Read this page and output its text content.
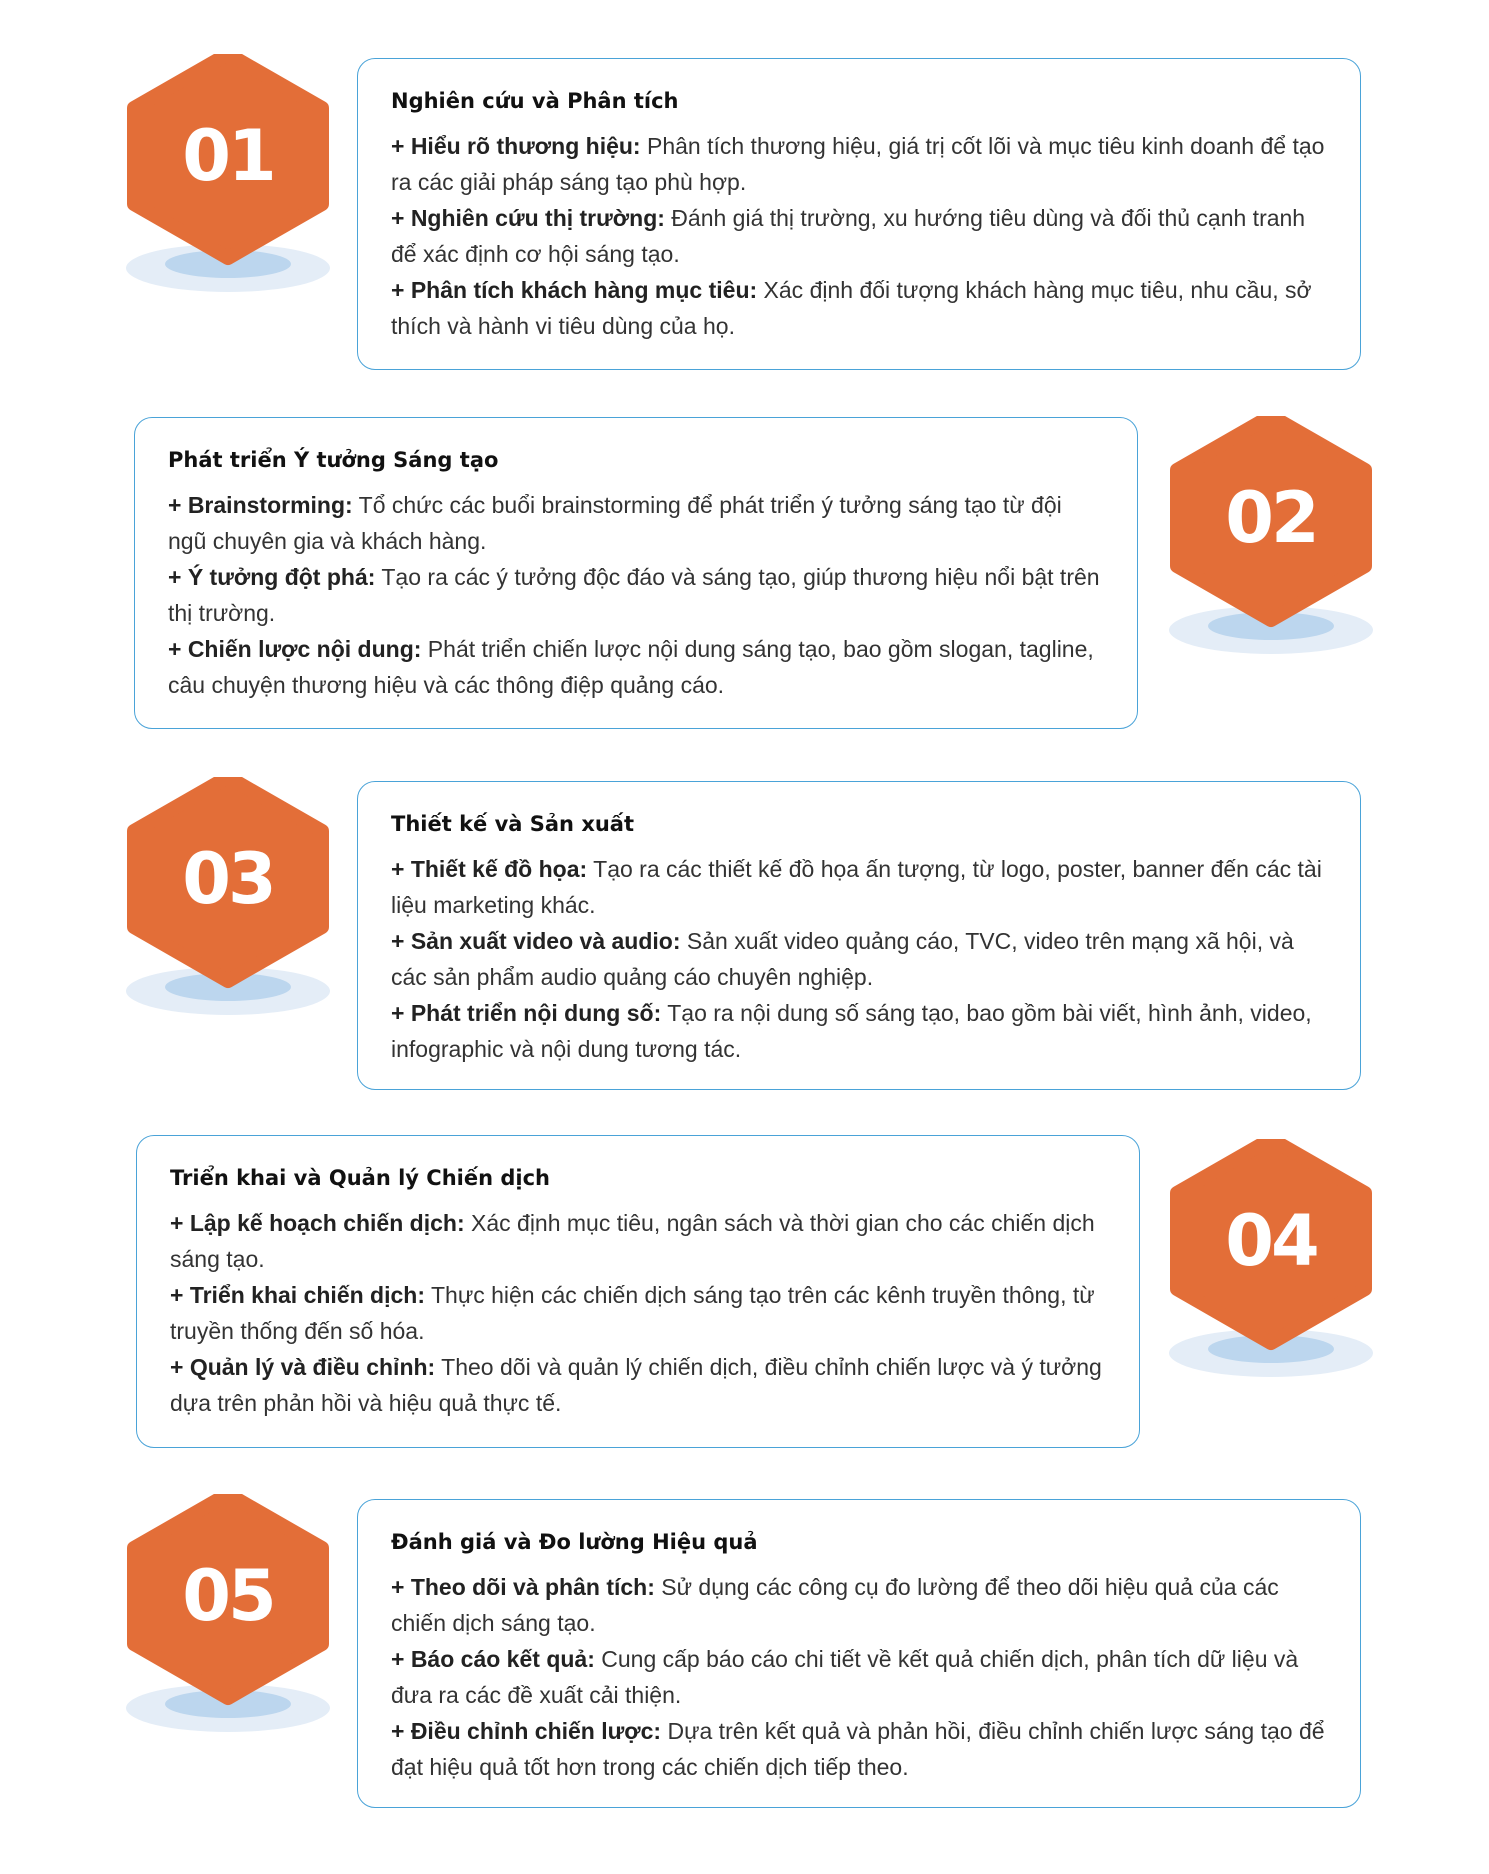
01
Nghiên cứu và Phân tích
+ Hiểu rõ thương hiệu: Phân tích thương hiệu, giá trị cốt lõi và mục tiêu kinh doanh để tạo ra các giải pháp sáng tạo phù hợp.
+ Nghiên cứu thị trường: Đánh giá thị trường, xu hướng tiêu dùng và đối thủ cạnh tranh để xác định cơ hội sáng tạo.
+ Phân tích khách hàng mục tiêu: Xác định đối tượng khách hàng mục tiêu, nhu cầu, sở thích và hành vi tiêu dùng của họ.
Phát triển Ý tưởng Sáng tạo
+ Brainstorming: Tổ chức các buổi brainstorming để phát triển ý tưởng sáng tạo từ đội ngũ chuyên gia và khách hàng.
+ Ý tưởng đột phá: Tạo ra các ý tưởng độc đáo và sáng tạo, giúp thương hiệu nổi bật trên thị trường.
+ Chiến lược nội dung: Phát triển chiến lược nội dung sáng tạo, bao gồm slogan, tagline, câu chuyện thương hiệu và các thông điệp quảng cáo.
02
03
Thiết kế và Sản xuất
+ Thiết kế đồ họa: Tạo ra các thiết kế đồ họa ấn tượng, từ logo, poster, banner đến các tài liệu marketing khác.
+ Sản xuất video và audio: Sản xuất video quảng cáo, TVC, video trên mạng xã hội, và các sản phẩm audio quảng cáo chuyên nghiệp.
+ Phát triển nội dung số: Tạo ra nội dung số sáng tạo, bao gồm bài viết, hình ảnh, video, infographic và nội dung tương tác.
Triển khai và Quản lý Chiến dịch
+ Lập kế hoạch chiến dịch: Xác định mục tiêu, ngân sách và thời gian cho các chiến dịch sáng tạo.
+ Triển khai chiến dịch: Thực hiện các chiến dịch sáng tạo trên các kênh truyền thông, từ truyền thống đến số hóa.
+ Quản lý và điều chỉnh: Theo dõi và quản lý chiến dịch, điều chỉnh chiến lược và ý tưởng dựa trên phản hồi và hiệu quả thực tế.
04
05
Đánh giá và Đo lường Hiệu quả
+ Theo dõi và phân tích: Sử dụng các công cụ đo lường để theo dõi hiệu quả của các chiến dịch sáng tạo.
+ Báo cáo kết quả: Cung cấp báo cáo chi tiết về kết quả chiến dịch, phân tích dữ liệu và đưa ra các đề xuất cải thiện.
+ Điều chỉnh chiến lược: Dựa trên kết quả và phản hồi, điều chỉnh chiến lược sáng tạo để đạt hiệu quả tốt hơn trong các chiến dịch tiếp theo.
